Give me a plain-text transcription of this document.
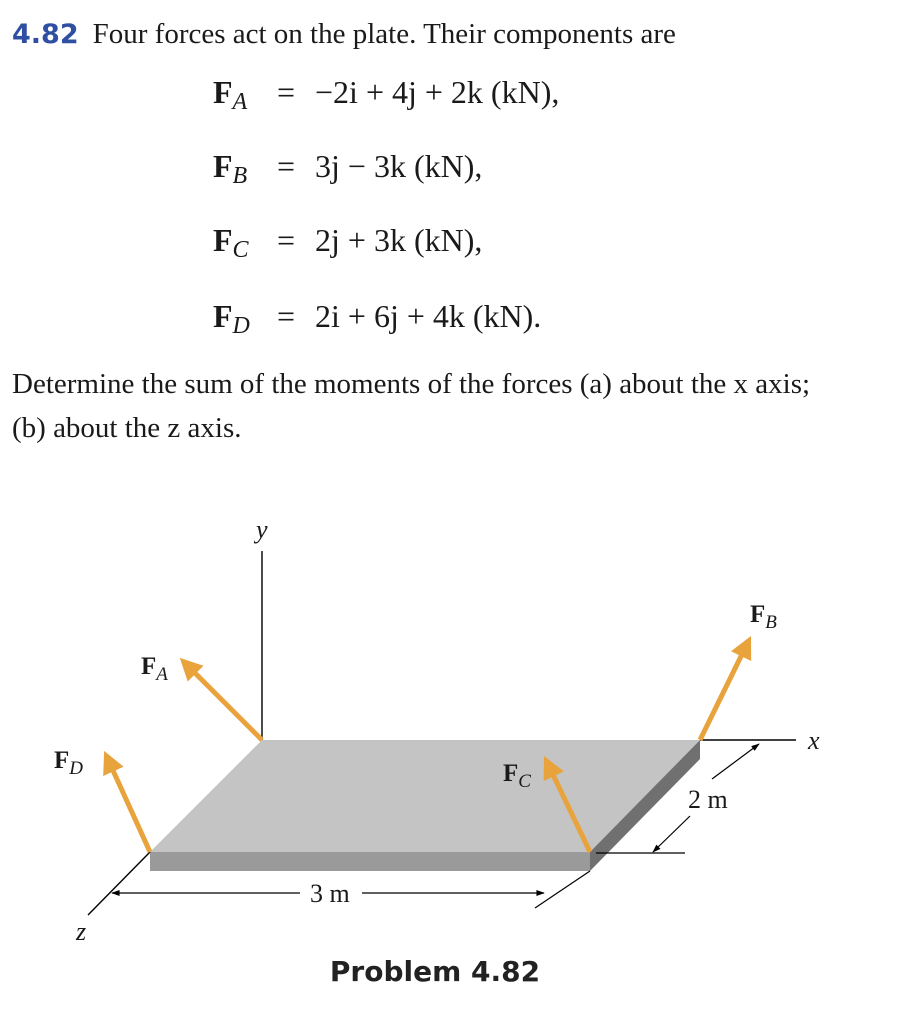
4.82 Four forces act on the plate. Their components are
$F_A = -2i + 4j + 2k$ (kN),
$F_B = 3j - 3k$ (kN),
$F_C = 2j + 3k$ (kN),
$F_D = 2i + 6j + 4k$ (kN).
Determine the sum of the moments of the forces (a) about the x axis;
(b) about the z axis.
y
x
z
$F_A$
$F_B$
$F_C$
$F_D$
3 m
2 m
Problem 4.82
